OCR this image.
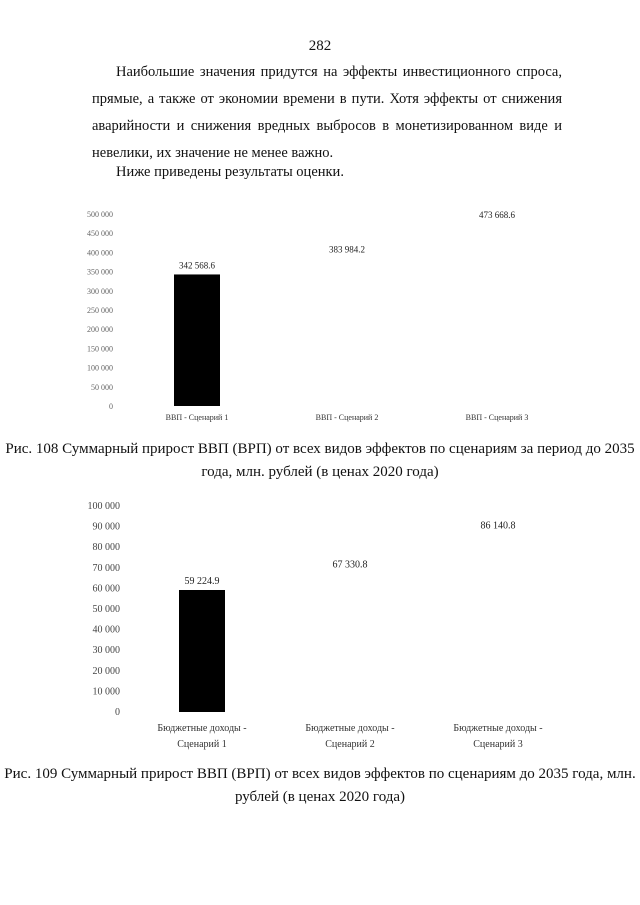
282

Наибольшие значения придутся на эффекты инвестиционного спроса, прямые, а также от экономии времени в пути. Хотя эффекты от снижения аварийности и снижения вредных выбросов в монетизированном виде и невелики, их значение не менее важно.

Ниже приведены результаты оценки.

0
50 000
100 000
150 000
200 000
250 000
300 000
350 000
400 000
450 000
500 000
342 568.6
ВВП - Сценарий 1
383 984.2
ВВП - Сценарий 2
473 668.6
ВВП - Сценарий 3
Рис. 108 Суммарный прирост ВВП (ВРП) от всех видов эффектов по сценариям за период до 2035 года, млн. рублей (в ценах 2020 года)
0
10 000
20 000
30 000
40 000
50 000
60 000
70 000
80 000
90 000
100 000
59 224.9
Бюджетные доходы -
Сценарий 1
67 330.8
Бюджетные доходы -
Сценарий 2
86 140.8
Бюджетные доходы -
Сценарий 3
Рис. 109 Суммарный прирост ВВП (ВРП) от всех видов эффектов по сценариям до 2035 года, млн. рублей (в ценах 2020 года)
